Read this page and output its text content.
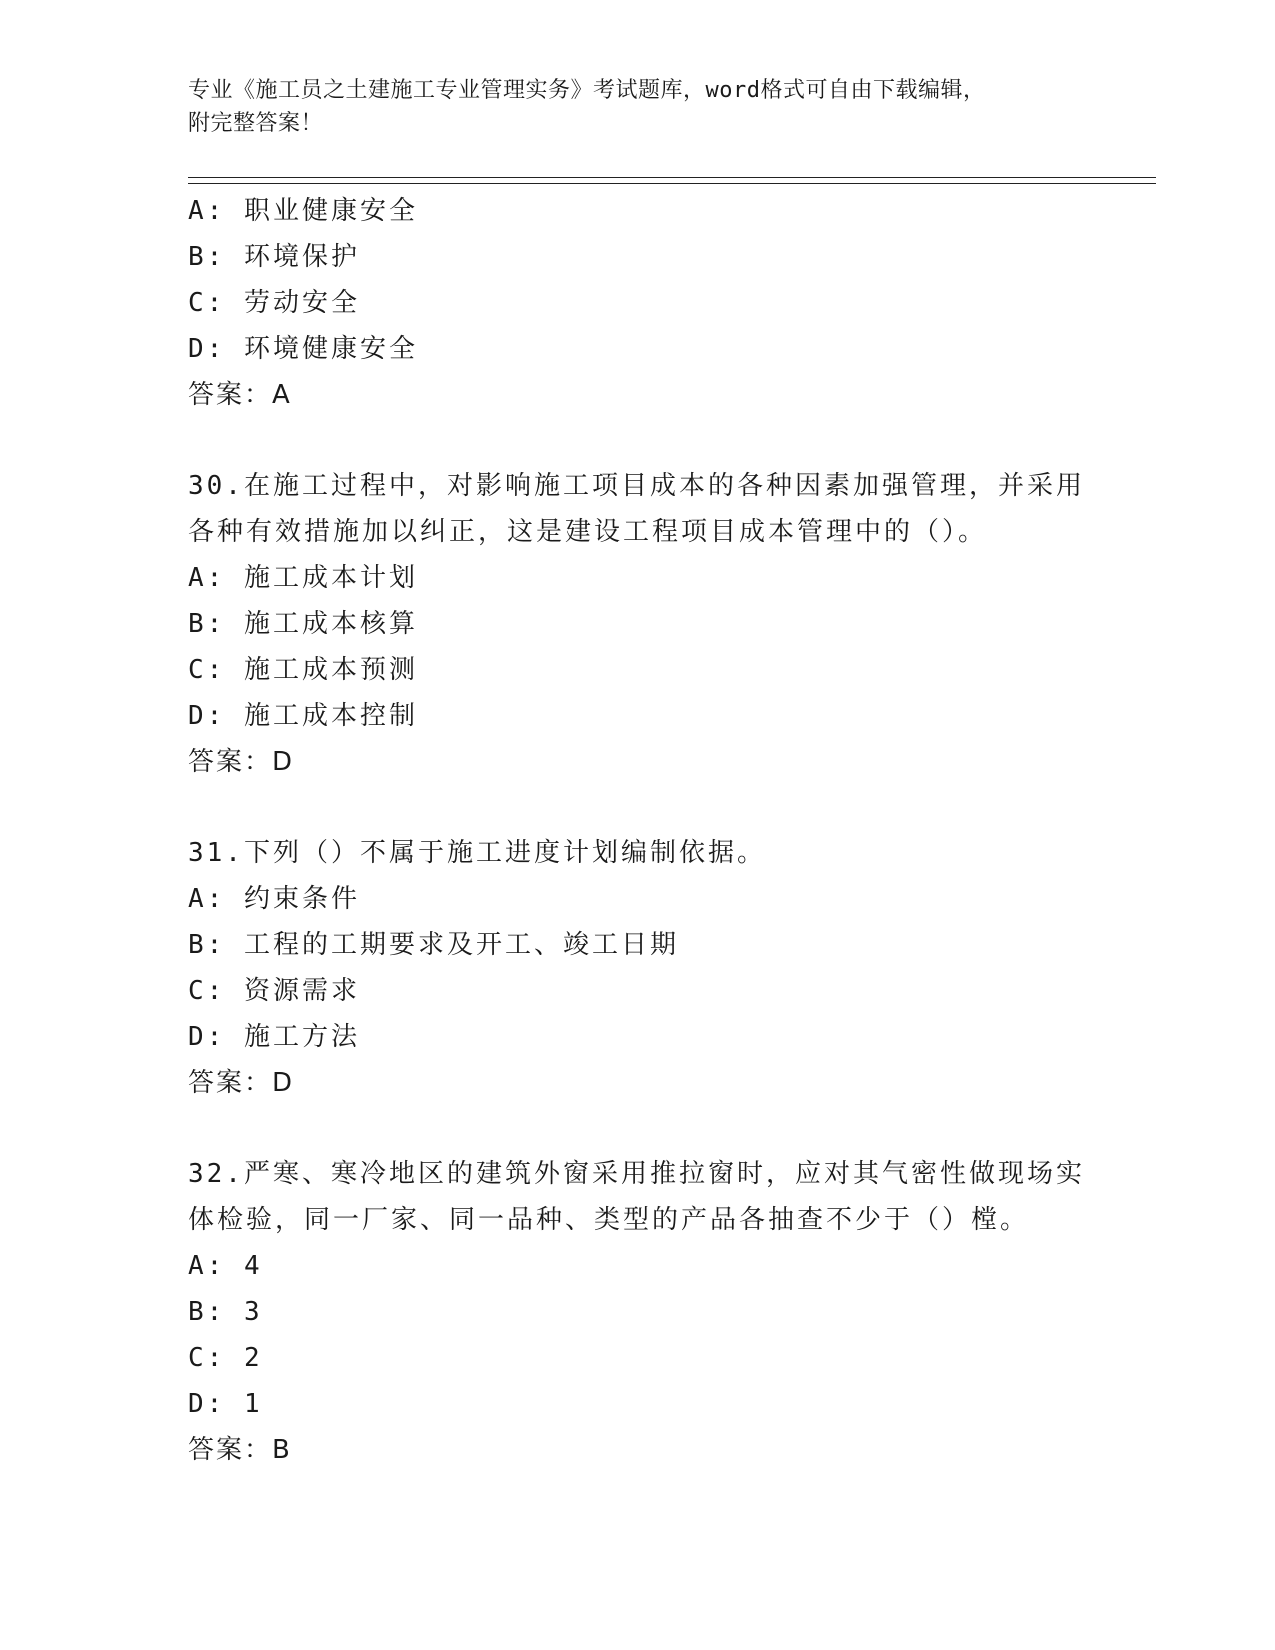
专业《施工员之土建施工专业管理实务》考试题库，word格式可自由下载编辑，
附完整答案！
A: 职业健康安全
B: 环境保护
C: 劳动安全
D: 环境健康安全
答案：A
30.在施工过程中，对影响施工项目成本的各种因素加强管理，并采用
各种有效措施加以纠正，这是建设工程项目成本管理中的（）。
A: 施工成本计划
B: 施工成本核算
C: 施工成本预测
D: 施工成本控制
答案：D
31.下列（）不属于施工进度计划编制依据。
A: 约束条件
B: 工程的工期要求及开工、竣工日期
C: 资源需求
D: 施工方法
答案：D
32.严寒、寒冷地区的建筑外窗采用推拉窗时，应对其气密性做现场实
体检验，同一厂家、同一品种、类型的产品各抽查不少于（）樘。
A: 4
B: 3
C: 2
D: 1
答案：B
